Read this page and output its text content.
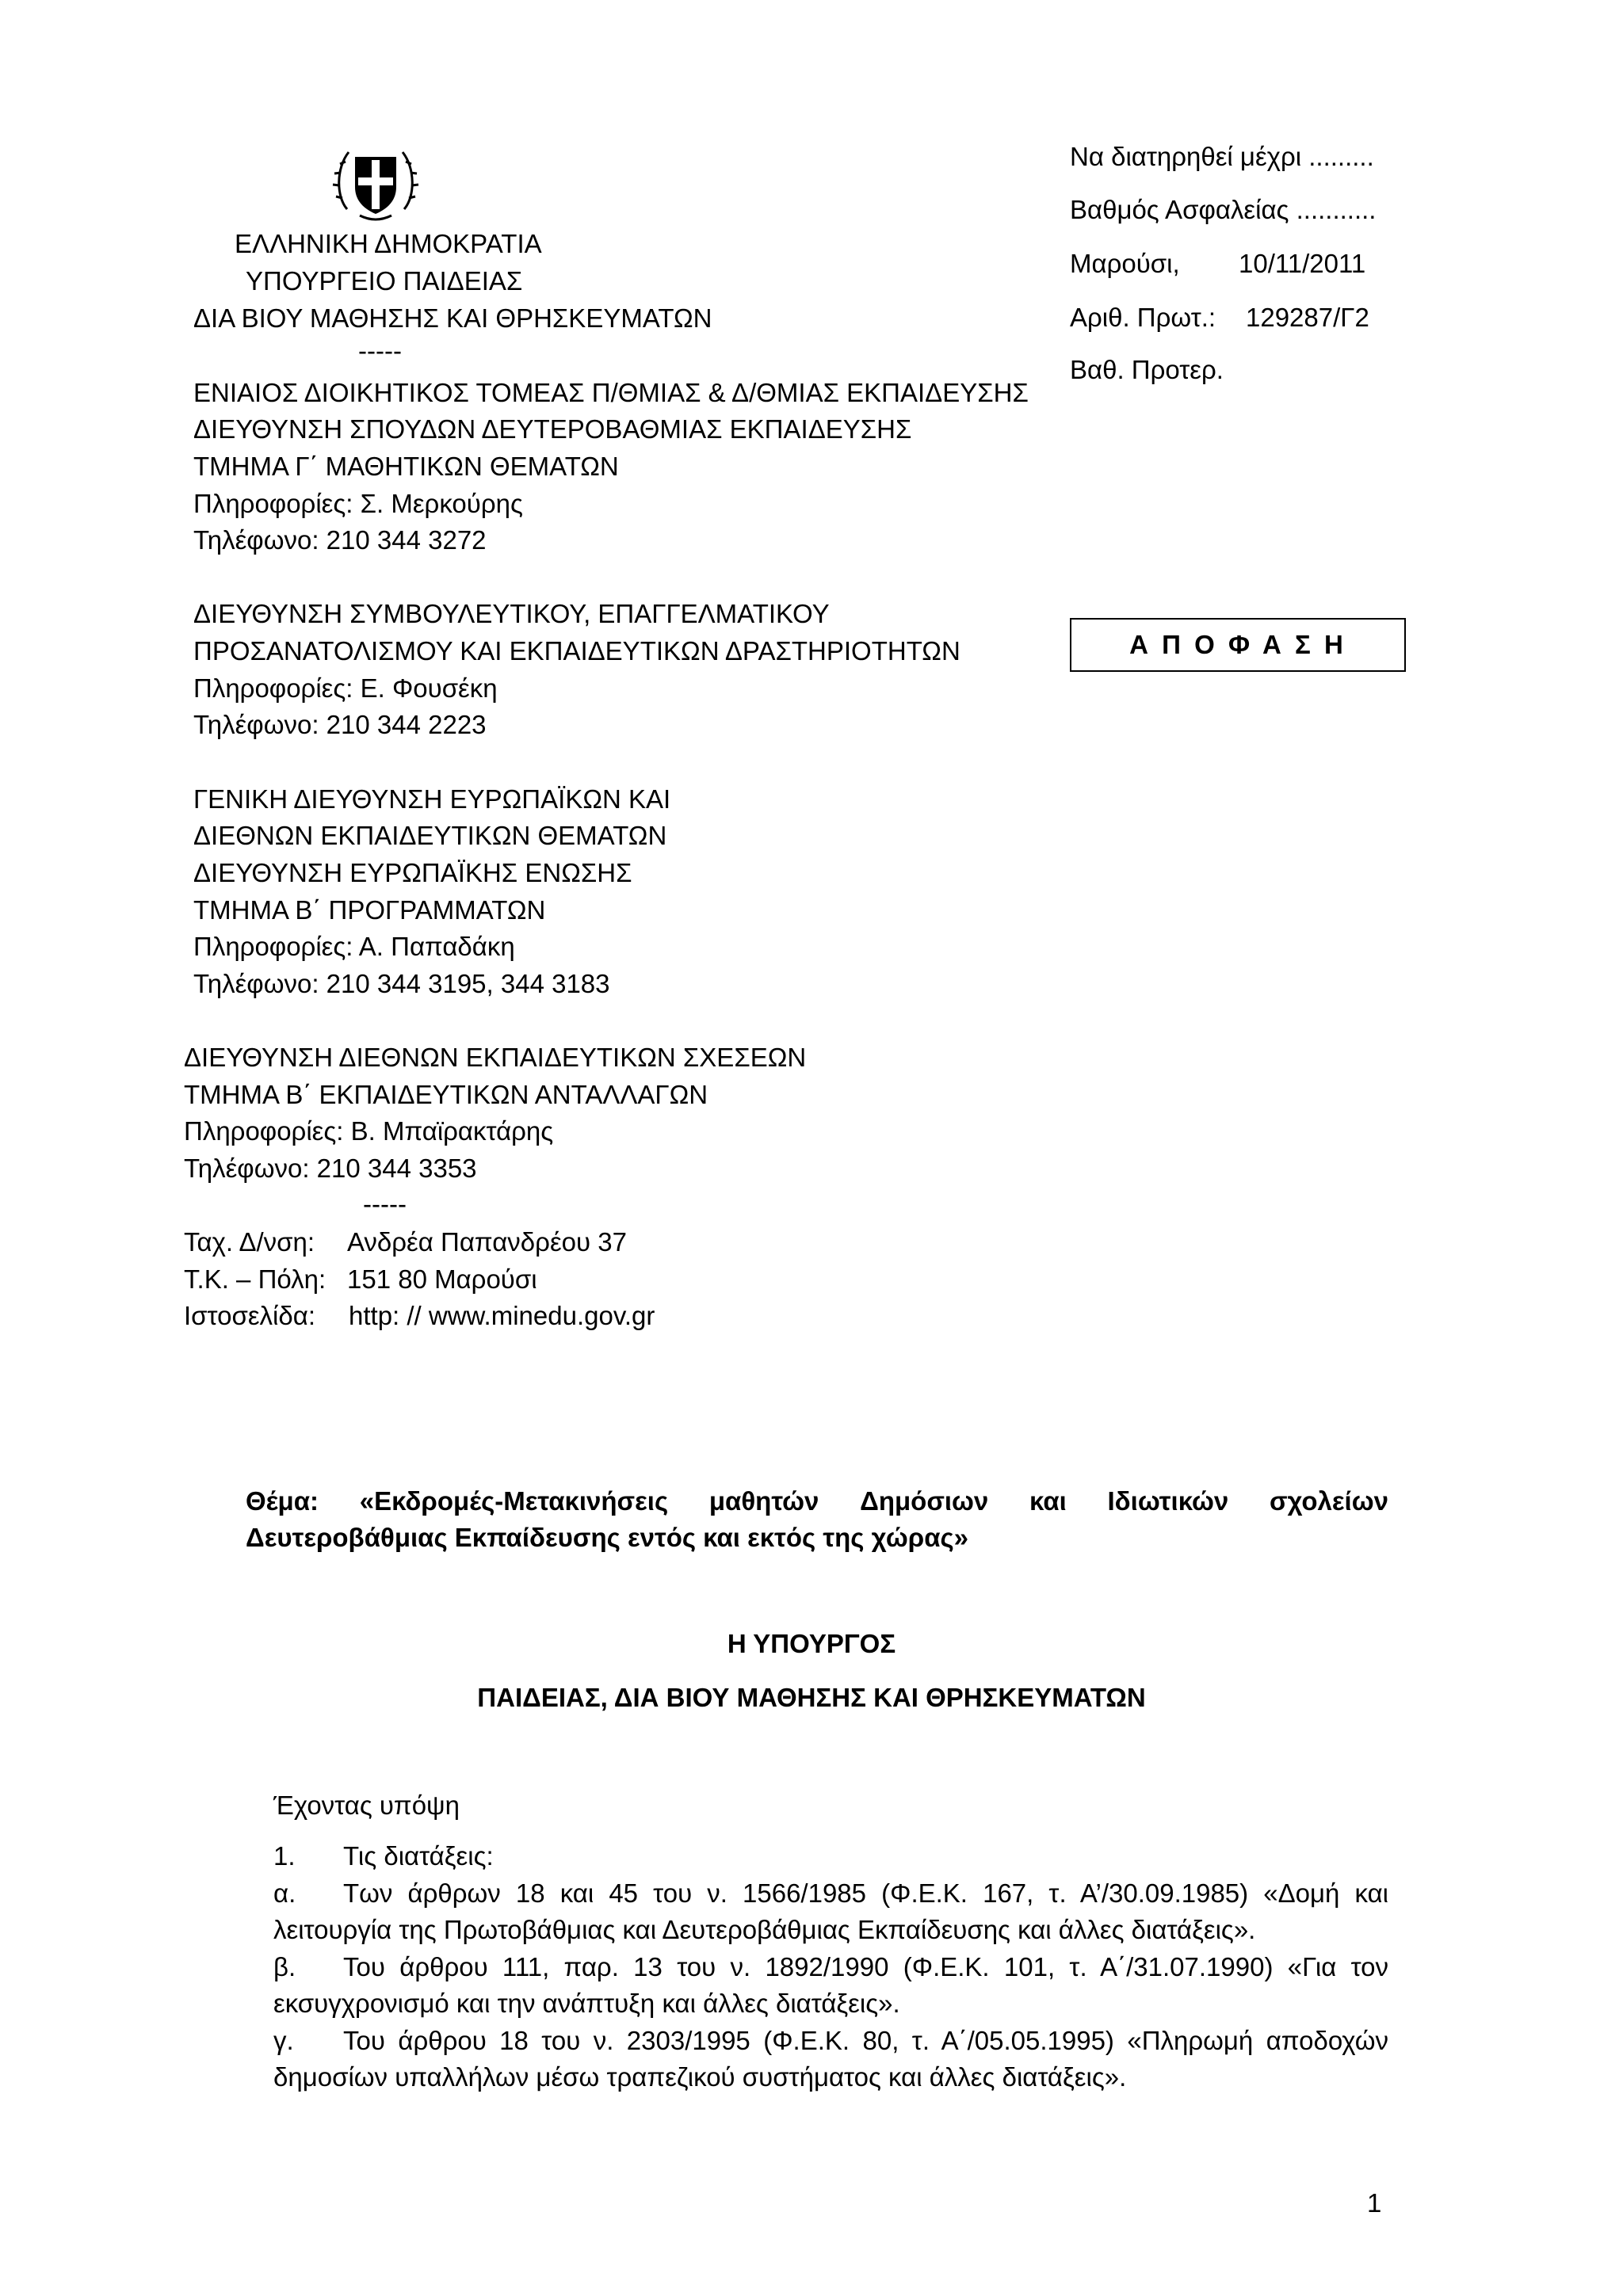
ΕΛΛΗΝΙΚΗ ΔΗΜΟΚΡΑΤΙΑ
ΥΠΟΥΡΓΕΙΟ ΠΑΙΔΕΙΑΣ
ΔΙΑ ΒΙΟΥ ΜΑΘΗΣΗΣ ΚΑΙ ΘΡΗΣΚΕΥΜΑΤΩΝ
-----
ΕΝΙΑΙΟΣ ΔΙΟΙΚΗΤΙΚΟΣ ΤΟΜΕΑΣ Π/ΘΜΙΑΣ & Δ/ΘΜΙΑΣ ΕΚΠΑΙΔΕΥΣΗΣ
ΔΙΕΥΘΥΝΣΗ ΣΠΟΥΔΩΝ ΔΕΥΤΕΡΟΒΑΘΜΙΑΣ ΕΚΠΑΙΔΕΥΣΗΣ
ΤΜΗΜΑ Γ΄ ΜΑΘΗΤΙΚΩΝ ΘΕΜΑΤΩΝ
Πληροφορίες: Σ. Μερκούρης
Τηλέφωνο: 210 344 3272
ΔΙΕΥΘΥΝΣΗ ΣΥΜΒΟΥΛΕΥΤΙΚΟΥ, ΕΠΑΓΓΕΛΜΑΤΙΚΟΥ
ΠΡΟΣΑΝΑΤΟΛΙΣΜΟΥ ΚΑΙ ΕΚΠΑΙΔΕΥΤΙΚΩΝ ΔΡΑΣΤΗΡΙΟΤΗΤΩΝ
Πληροφορίες: Ε. Φουσέκη
Τηλέφωνο: 210 344 2223
ΓΕΝΙΚΗ ΔΙΕΥΘΥΝΣΗ ΕΥΡΩΠΑΪΚΩΝ ΚΑΙ
ΔΙΕΘΝΩΝ ΕΚΠΑΙΔΕΥΤΙΚΩΝ ΘΕΜΑΤΩΝ
ΔΙΕΥΘΥΝΣΗ ΕΥΡΩΠΑΪΚΗΣ ΕΝΩΣΗΣ
ΤΜΗΜΑ Β΄ ΠΡΟΓΡΑΜΜΑΤΩΝ
Πληροφορίες: Α. Παπαδάκη
Τηλέφωνο: 210 344 3195, 344 3183
ΔΙΕΥΘΥΝΣΗ ΔΙΕΘΝΩΝ ΕΚΠΑΙΔΕΥΤΙΚΩΝ ΣΧΕΣΕΩΝ
ΤΜΗΜΑ Β΄ ΕΚΠΑΙΔΕΥΤΙΚΩΝ ΑΝΤΑΛΛΑΓΩΝ
Πληροφορίες: Β. Μπαϊρακτάρης
Τηλέφωνο: 210 344 3353
-----
Ταχ. Δ/νση: Ανδρέα Παπανδρέου 37
Τ.Κ. – Πόλη: 151 80 Μαρούσι
Ιστοσελίδα: http: // www.minedu.gov.gr
Να διατηρηθεί μέχρι .........
Βαθμός Ασφαλείας ...........
Μαρούσι, 10/11/2011
Αριθ. Πρωτ.: 129287/Γ2
Βαθ. Προτερ.
Α Π Ο Φ Α Σ Η
Θέμα: «Εκδρομές-Μετακινήσεις μαθητών Δημόσιων και Ιδιωτικών σχολείων
Δευτεροβάθμιας Εκπαίδευσης εντός και εκτός της χώρας»
Η ΥΠΟΥΡΓΟΣ
ΠΑΙΔΕΙΑΣ, ΔΙΑ ΒΙΟΥ ΜΑΘΗΣΗΣ ΚΑΙ ΘΡΗΣΚΕΥΜΑΤΩΝ
Έχοντας υπόψη
1. Τις διατάξεις:
α.	Των άρθρων 18 και 45 του ν. 1566/1985 (Φ.Ε.Κ. 167, τ. Α’/30.09.1985) «Δομή και
λειτουργία της Πρωτοβάθμιας και Δευτεροβάθμιας Εκπαίδευσης και άλλες διατάξεις».
β.	Του άρθρου 111, παρ. 13 του ν. 1892/1990 (Φ.Ε.Κ. 101, τ. Α΄/31.07.1990) «Για τον
εκσυγχρονισμό και την ανάπτυξη και άλλες διατάξεις».
γ.	Του άρθρου 18 του ν. 2303/1995 (Φ.Ε.Κ. 80, τ. Α΄/05.05.1995) «Πληρωμή αποδοχών
δημοσίων υπαλλήλων μέσω τραπεζικού συστήματος και άλλες διατάξεις».
1
